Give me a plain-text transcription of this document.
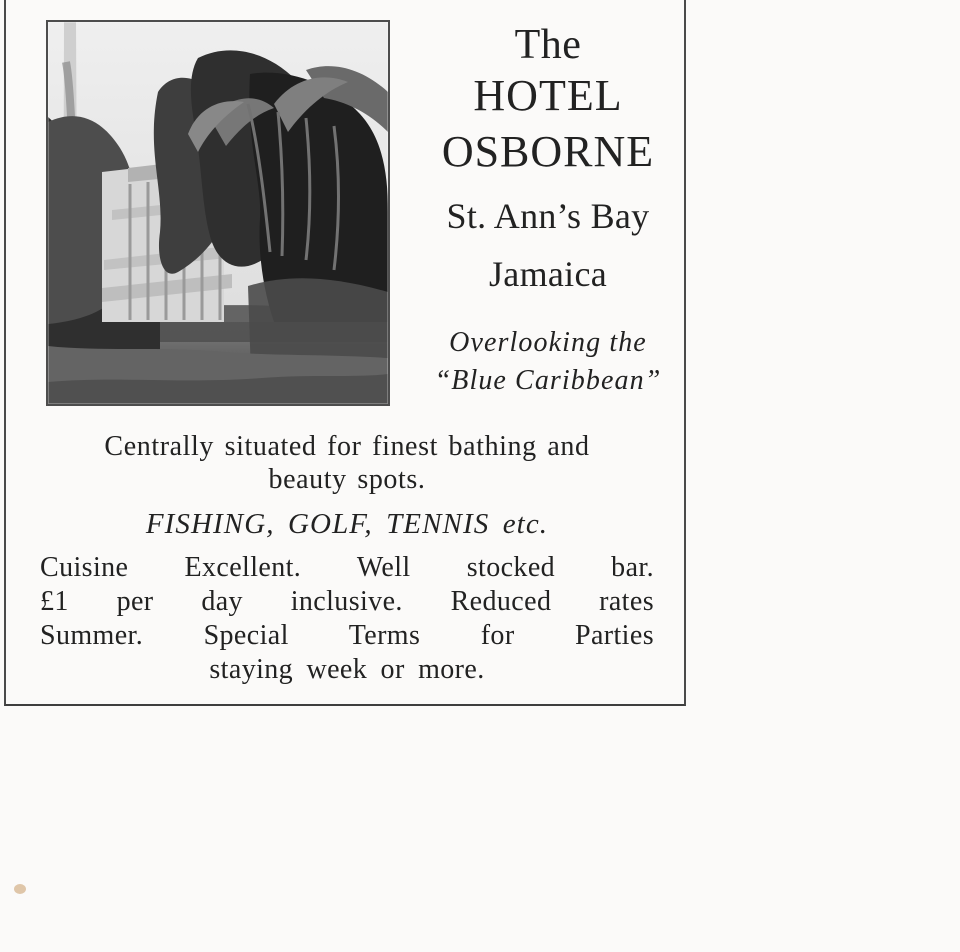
The
HOTEL
OSBORNE
St. Ann’s Bay
Jamaica
Overlooking the
“Blue Caribbean”
Centrally situated for finest bathing and
beauty spots.
FISHING, GOLF, TENNIS etc.
Cuisine Excellent. Well stocked bar.
£1 per day inclusive. Reduced rates
Summer. Special Terms for Parties
staying week or more.
